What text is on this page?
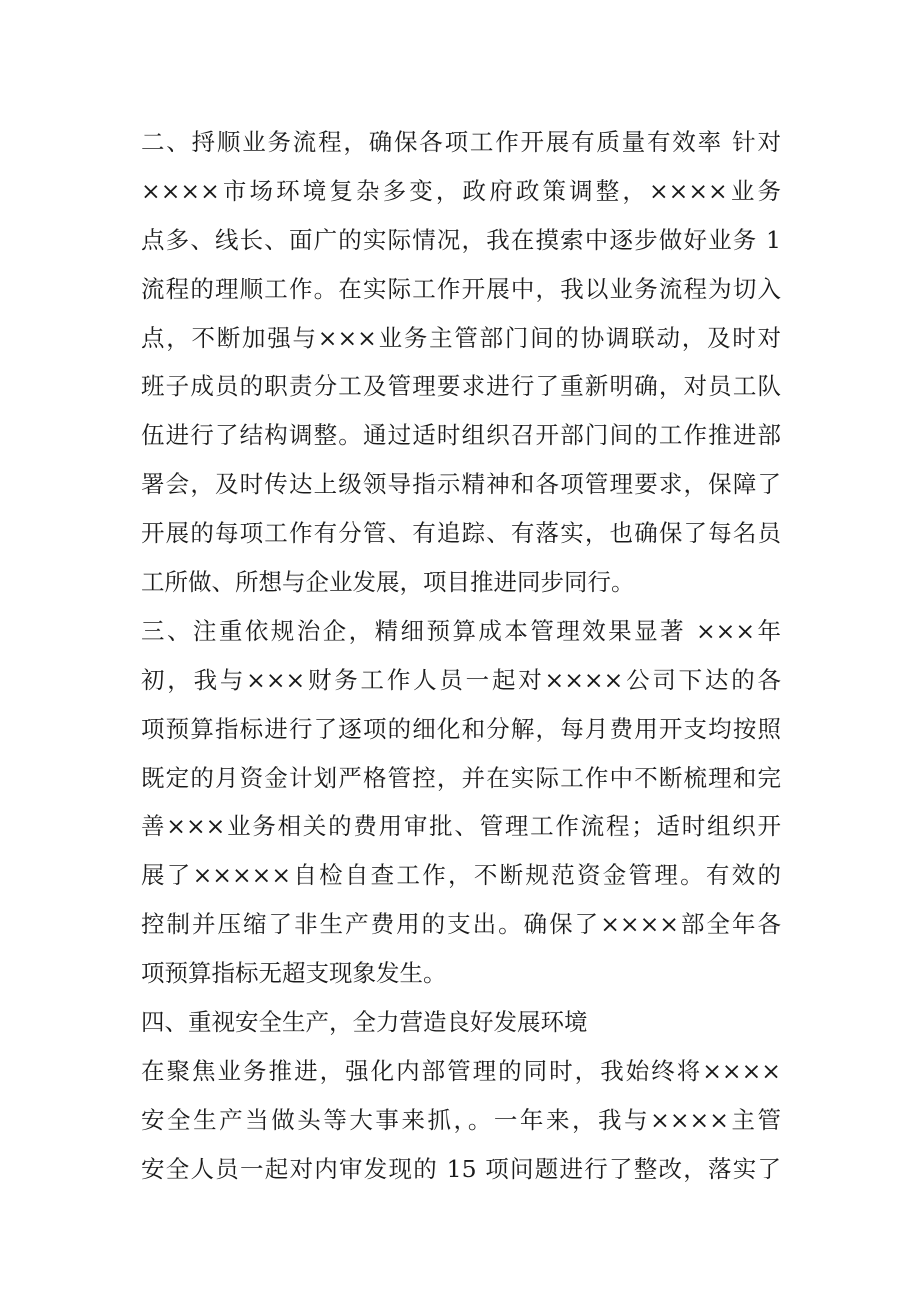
二、捋顺业务流程，确保各项工作开展有质量有效率 针对
××××市场环境复杂多变，政府政策调整，××××业务
点多、线长、面广的实际情况，我在摸索中逐步做好业务 1
流程的理顺工作。在实际工作开展中，我以业务流程为切入
点，不断加强与×××业务主管部门间的协调联动，及时对
班子成员的职责分工及管理要求进行了重新明确，对员工队
伍进行了结构调整。通过适时组织召开部门间的工作推进部
署会，及时传达上级领导指示精神和各项管理要求，保障了
开展的每项工作有分管、有追踪、有落实，也确保了每名员
工所做、所想与企业发展，项目推进同步同行。
三、注重依规治企，精细预算成本管理效果显著 ×××年
初，我与×××财务工作人员一起对××××公司下达的各
项预算指标进行了逐项的细化和分解，每月费用开支均按照
既定的月资金计划严格管控，并在实际工作中不断梳理和完
善×××业务相关的费用审批、管理工作流程；适时组织开
展了×××××自检自查工作，不断规范资金管理。有效的
控制并压缩了非生产费用的支出。确保了××××部全年各
项预算指标无超支现象发生。
四、重视安全生产，全力营造良好发展环境
在聚焦业务推进，强化内部管理的同时，我始终将××××
安全生产当做头等大事来抓，。一年来，我与××××主管
安全人员一起对内审发现的 15 项问题进行了整改，落实了
